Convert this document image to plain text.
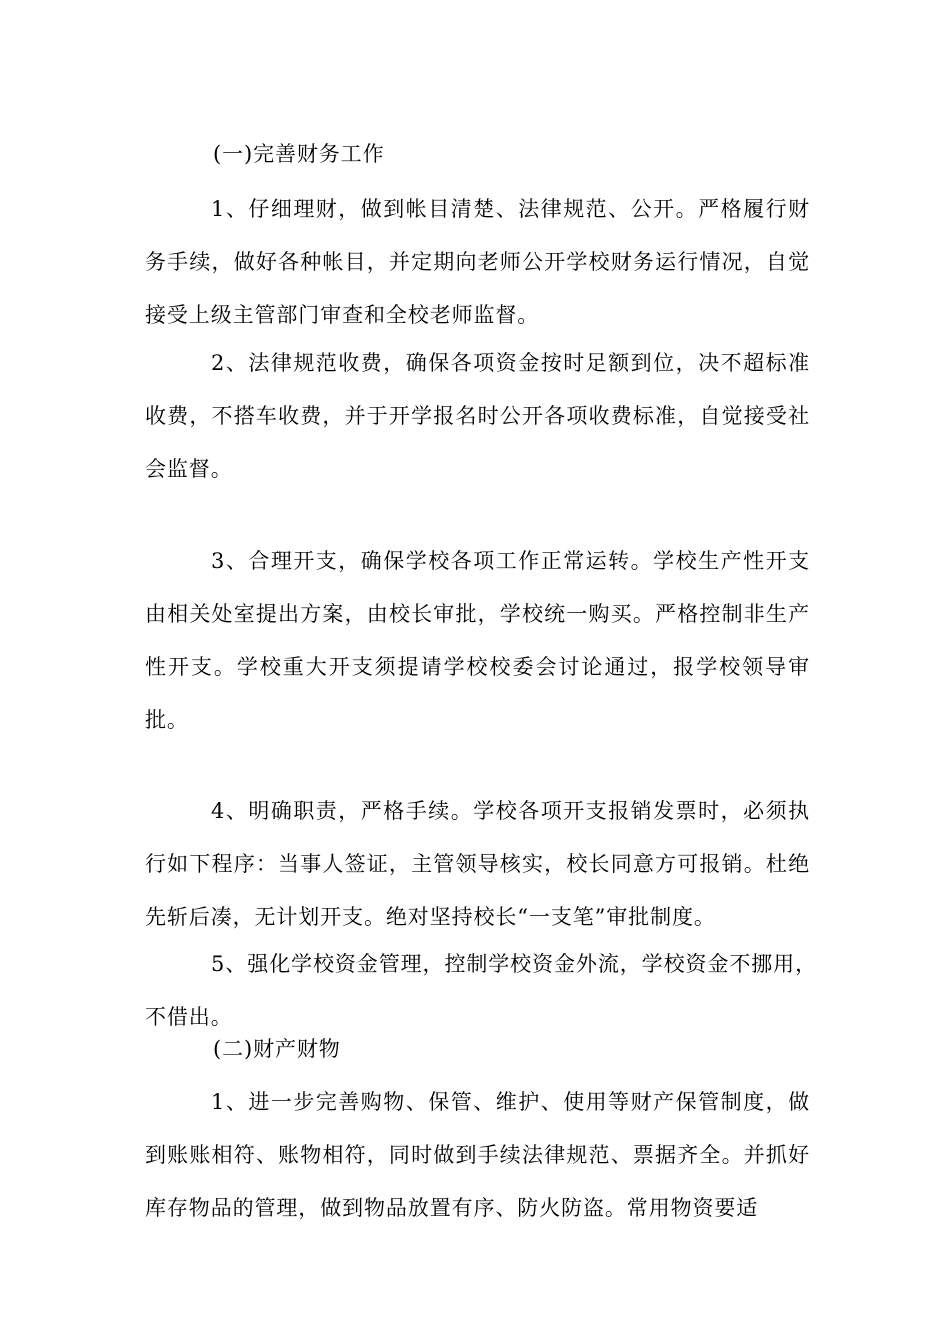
(一)完善财务工作

1、仔细理财，做到帐目清楚、法律规范、公开。严格履行财务手续，做好各种帐目，并定期向老师公开学校财务运行情况，自觉接受上级主管部门审查和全校老师监督。

2、法律规范收费，确保各项资金按时足额到位，决不超标准收费，不搭车收费，并于开学报名时公开各项收费标准，自觉接受社会监督。

3、合理开支，确保学校各项工作正常运转。学校生产性开支由相关处室提出方案，由校长审批，学校统一购买。严格控制非生产性开支。学校重大开支须提请学校校委会讨论通过，报学校领导审批。

4、明确职责，严格手续。学校各项开支报销发票时，必须执行如下程序：当事人签证，主管领导核实，校长同意方可报销。杜绝先斩后凑，无计划开支。绝对坚持校长“一支笔”审批制度。

5、强化学校资金管理，控制学校资金外流，学校资金不挪用，不借出。

(二)财产财物

1、进一步完善购物、保管、维护、使用等财产保管制度，做到账账相符、账物相符，同时做到手续法律规范、票据齐全。并抓好库存物品的管理，做到物品放置有序、防火防盗。常用物资要适
